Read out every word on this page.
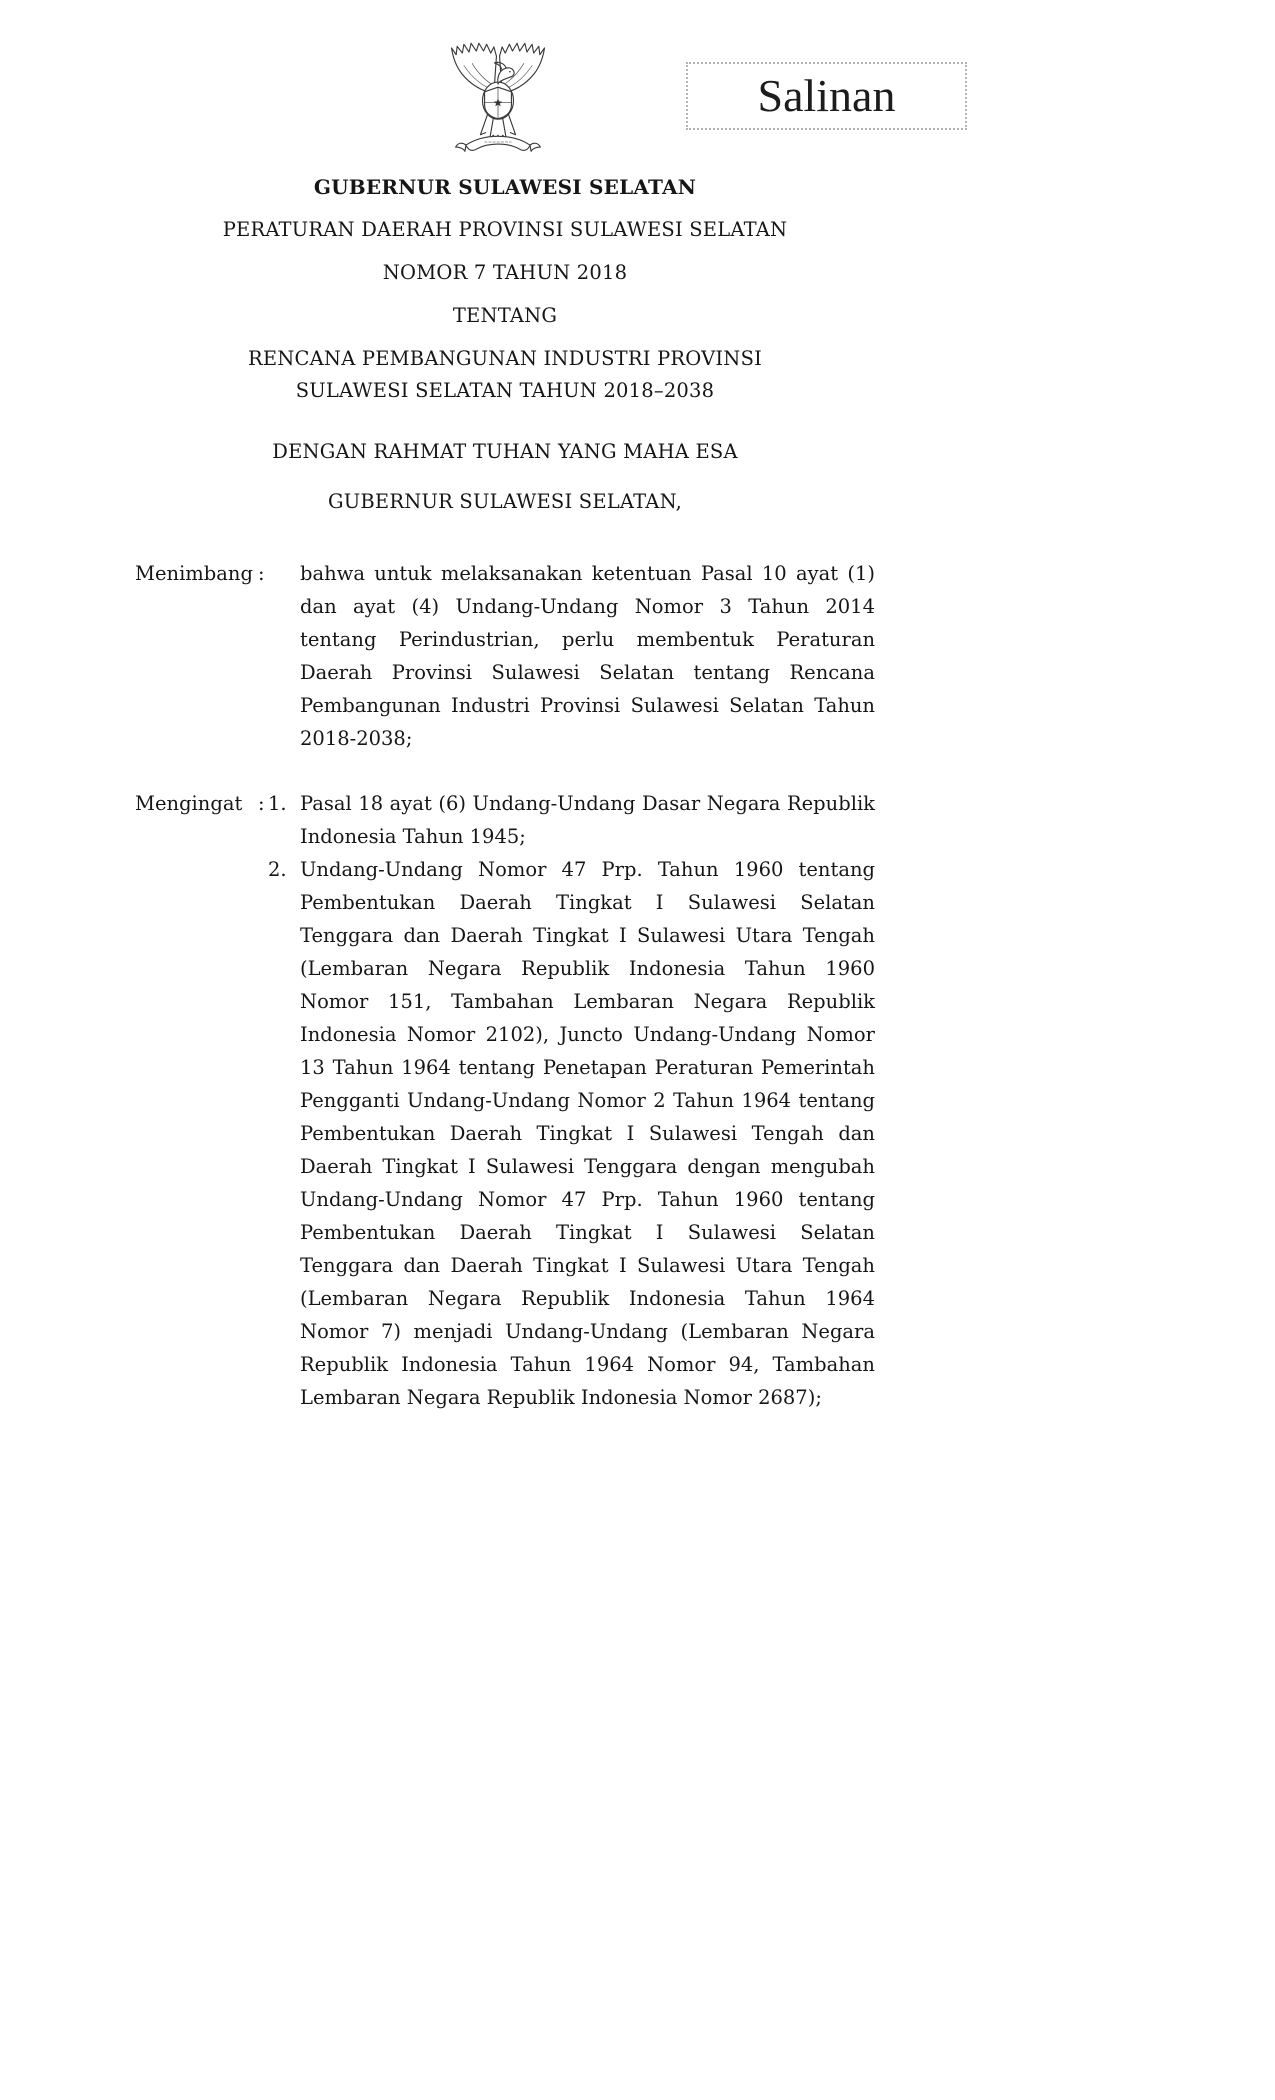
Salinan

GUBERNUR SULAWESI SELATAN

PERATURAN DAERAH PROVINSI SULAWESI SELATAN

NOMOR 7 TAHUN 2018

TENTANG

RENCANA PEMBANGUNAN INDUSTRI PROVINSI

SULAWESI SELATAN TAHUN 2018–2038

DENGAN RAHMAT TUHAN YANG MAHA ESA

GUBERNUR SULAWESI SELATAN,

Menimbang :	bahwa untuk melaksanakan ketentuan Pasal 10 ayat (1) dan ayat (4) Undang-Undang Nomor 3 Tahun 2014 tentang Perindustrian, perlu membentuk Peraturan Daerah Provinsi Sulawesi Selatan tentang Rencana Pembangunan Industri Provinsi Sulawesi Selatan Tahun 2018-2038;
Mengingat : 1. Pasal 18 ayat (6) Undang-Undang Dasar Negara Republik Indonesia Tahun 1945;
2. Undang-Undang Nomor 47 Prp. Tahun 1960 tentang Pembentukan Daerah Tingkat I Sulawesi Selatan Tenggara dan Daerah Tingkat I Sulawesi Utara Tengah (Lembaran Negara Republik Indonesia Tahun 1960 Nomor 151, Tambahan Lembaran Negara Republik Indonesia Nomor 2102), Juncto Undang-Undang Nomor 13 Tahun 1964 tentang Penetapan Peraturan Pemerintah Pengganti Undang-Undang Nomor 2 Tahun 1964 tentang Pembentukan Daerah Tingkat I Sulawesi Tengah dan Daerah Tingkat I Sulawesi Tenggara dengan mengubah Undang-Undang Nomor 47 Prp. Tahun 1960 tentang Pembentukan Daerah Tingkat I Sulawesi Selatan Tenggara dan Daerah Tingkat I Sulawesi Utara Tengah (Lembaran Negara Republik Indonesia Tahun 1964 Nomor 7) menjadi Undang-Undang (Lembaran Negara Republik Indonesia Tahun 1964 Nomor 94, Tambahan Lembaran Negara Republik Indonesia Nomor 2687);
